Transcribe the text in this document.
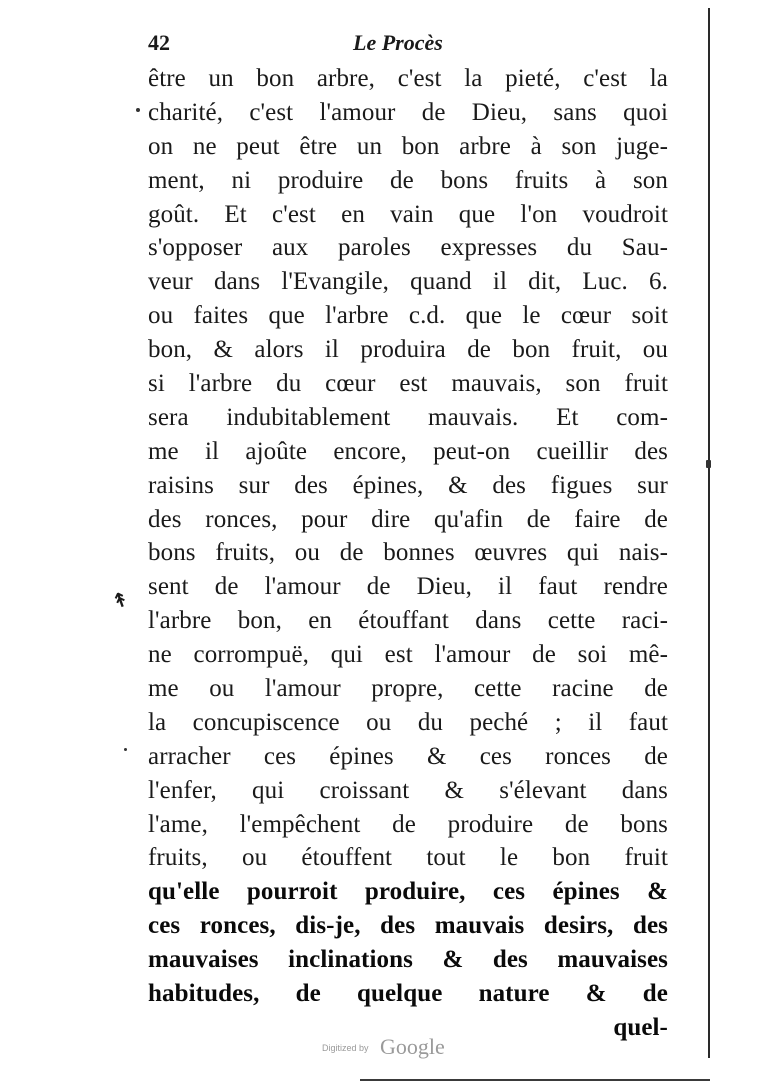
42	Le Procès
être un bon arbre, c'est la pieté, c'est la
charité, c'est l'amour de Dieu, sans quoi
on ne peut être un bon arbre à son juge-
ment, ni produire de bons fruits à son
goût. Et c'est en vain que l'on voudroit
s'opposer aux paroles expresses du Sau-
veur dans l'Evangile, quand il dit, Luc. 6.
ou faites que l'arbre c.d. que le cœur soit
bon, & alors il produira de bon fruit, ou
si l'arbre du cœur est mauvais, son fruit
sera indubitablement mauvais. Et com-
me il ajoûte encore, peut-on cueillir des
raisins sur des épines, & des figues sur
des ronces, pour dire qu'afin de faire de
bons fruits, ou de bonnes œuvres qui nais-
sent de l'amour de Dieu, il faut rendre
l'arbre bon, en étouffant dans cette raci-
ne corrompuë, qui est l'amour de soi mê-
me ou l'amour propre, cette racine de
la concupiscence ou du peché ; il faut
arracher ces épines & ces ronces de
l'enfer, qui croissant & s'élevant dans
l'ame, l'empêchent de produire de bons
fruits, ou étouffent tout le bon fruit
qu'elle pourroit produire, ces épines &
ces ronces, dis-je, des mauvais desirs, des
mauvaises inclinations & des mauvaises
habitudes, de quelque nature & de
quel-
↟
Digitized by Google
